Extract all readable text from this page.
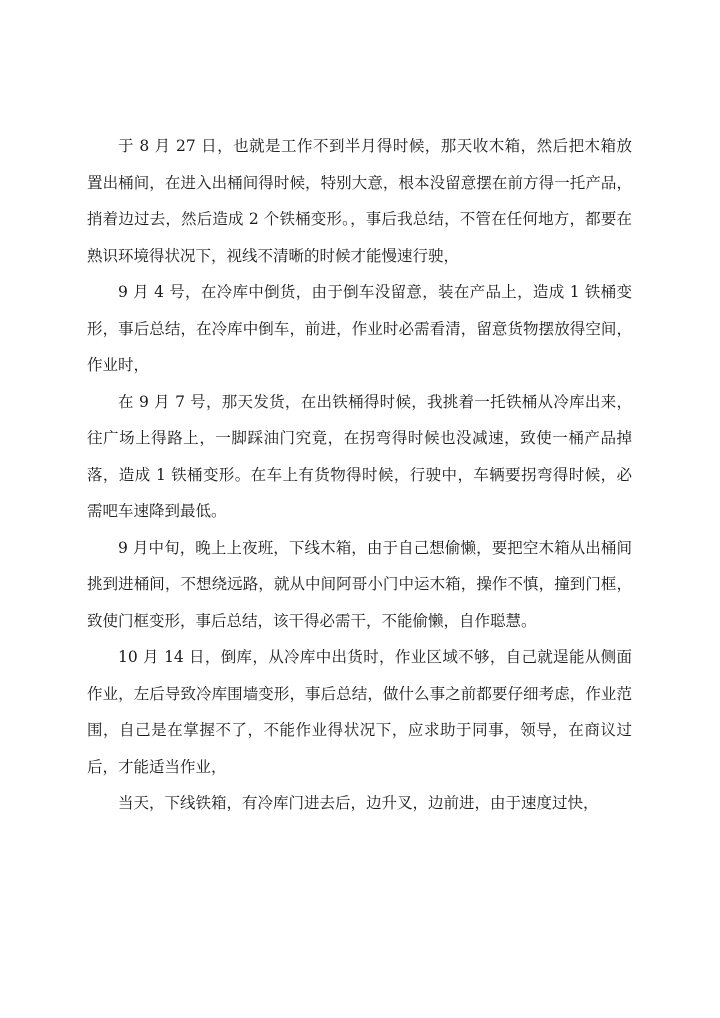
于 8 月 27 日，也就是工作不到半月得时候，那天收木箱，然后把木箱放置出桶间，在进入出桶间得时候，特别大意，根本没留意摆在前方得一托产品，捎着边过去，然后造成 2 个铁桶变形。，事后我总结，不管在任何地方，都要在熟识环境得状况下，视线不清晰的时候才能慢速行驶，

9 月 4 号，在冷库中倒货，由于倒车没留意，装在产品上，造成 1 铁桶变形，事后总结，在冷库中倒车，前进，作业时必需看清，留意货物摆放得空间，作业时，

在 9 月 7 号，那天发货，在出铁桶得时候，我挑着一托铁桶从冷库出来，往广场上得路上，一脚踩油门究竟，在拐弯得时候也没减速，致使一桶产品掉落，造成 1 铁桶变形。在车上有货物得时候，行驶中，车辆要拐弯得时候，必需吧车速降到最低。

9 月中旬，晚上上夜班，下线木箱，由于自己想偷懒，要把空木箱从出桶间挑到进桶间，不想绕远路，就从中间阿哥小门中运木箱，操作不慎，撞到门框，致使门框变形，事后总结，该干得必需干，不能偷懒，自作聪慧。

10 月 14 日，倒库，从冷库中出货时，作业区域不够，自己就逞能从侧面作业，左后导致冷库围墙变形，事后总结，做什么事之前都要仔细考虑，作业范围，自己是在掌握不了，不能作业得状况下，应求助于同事，领导，在商议过后，才能适当作业，

当天，下线铁箱，有冷库门进去后，边升叉，边前进，由于速度过快，
